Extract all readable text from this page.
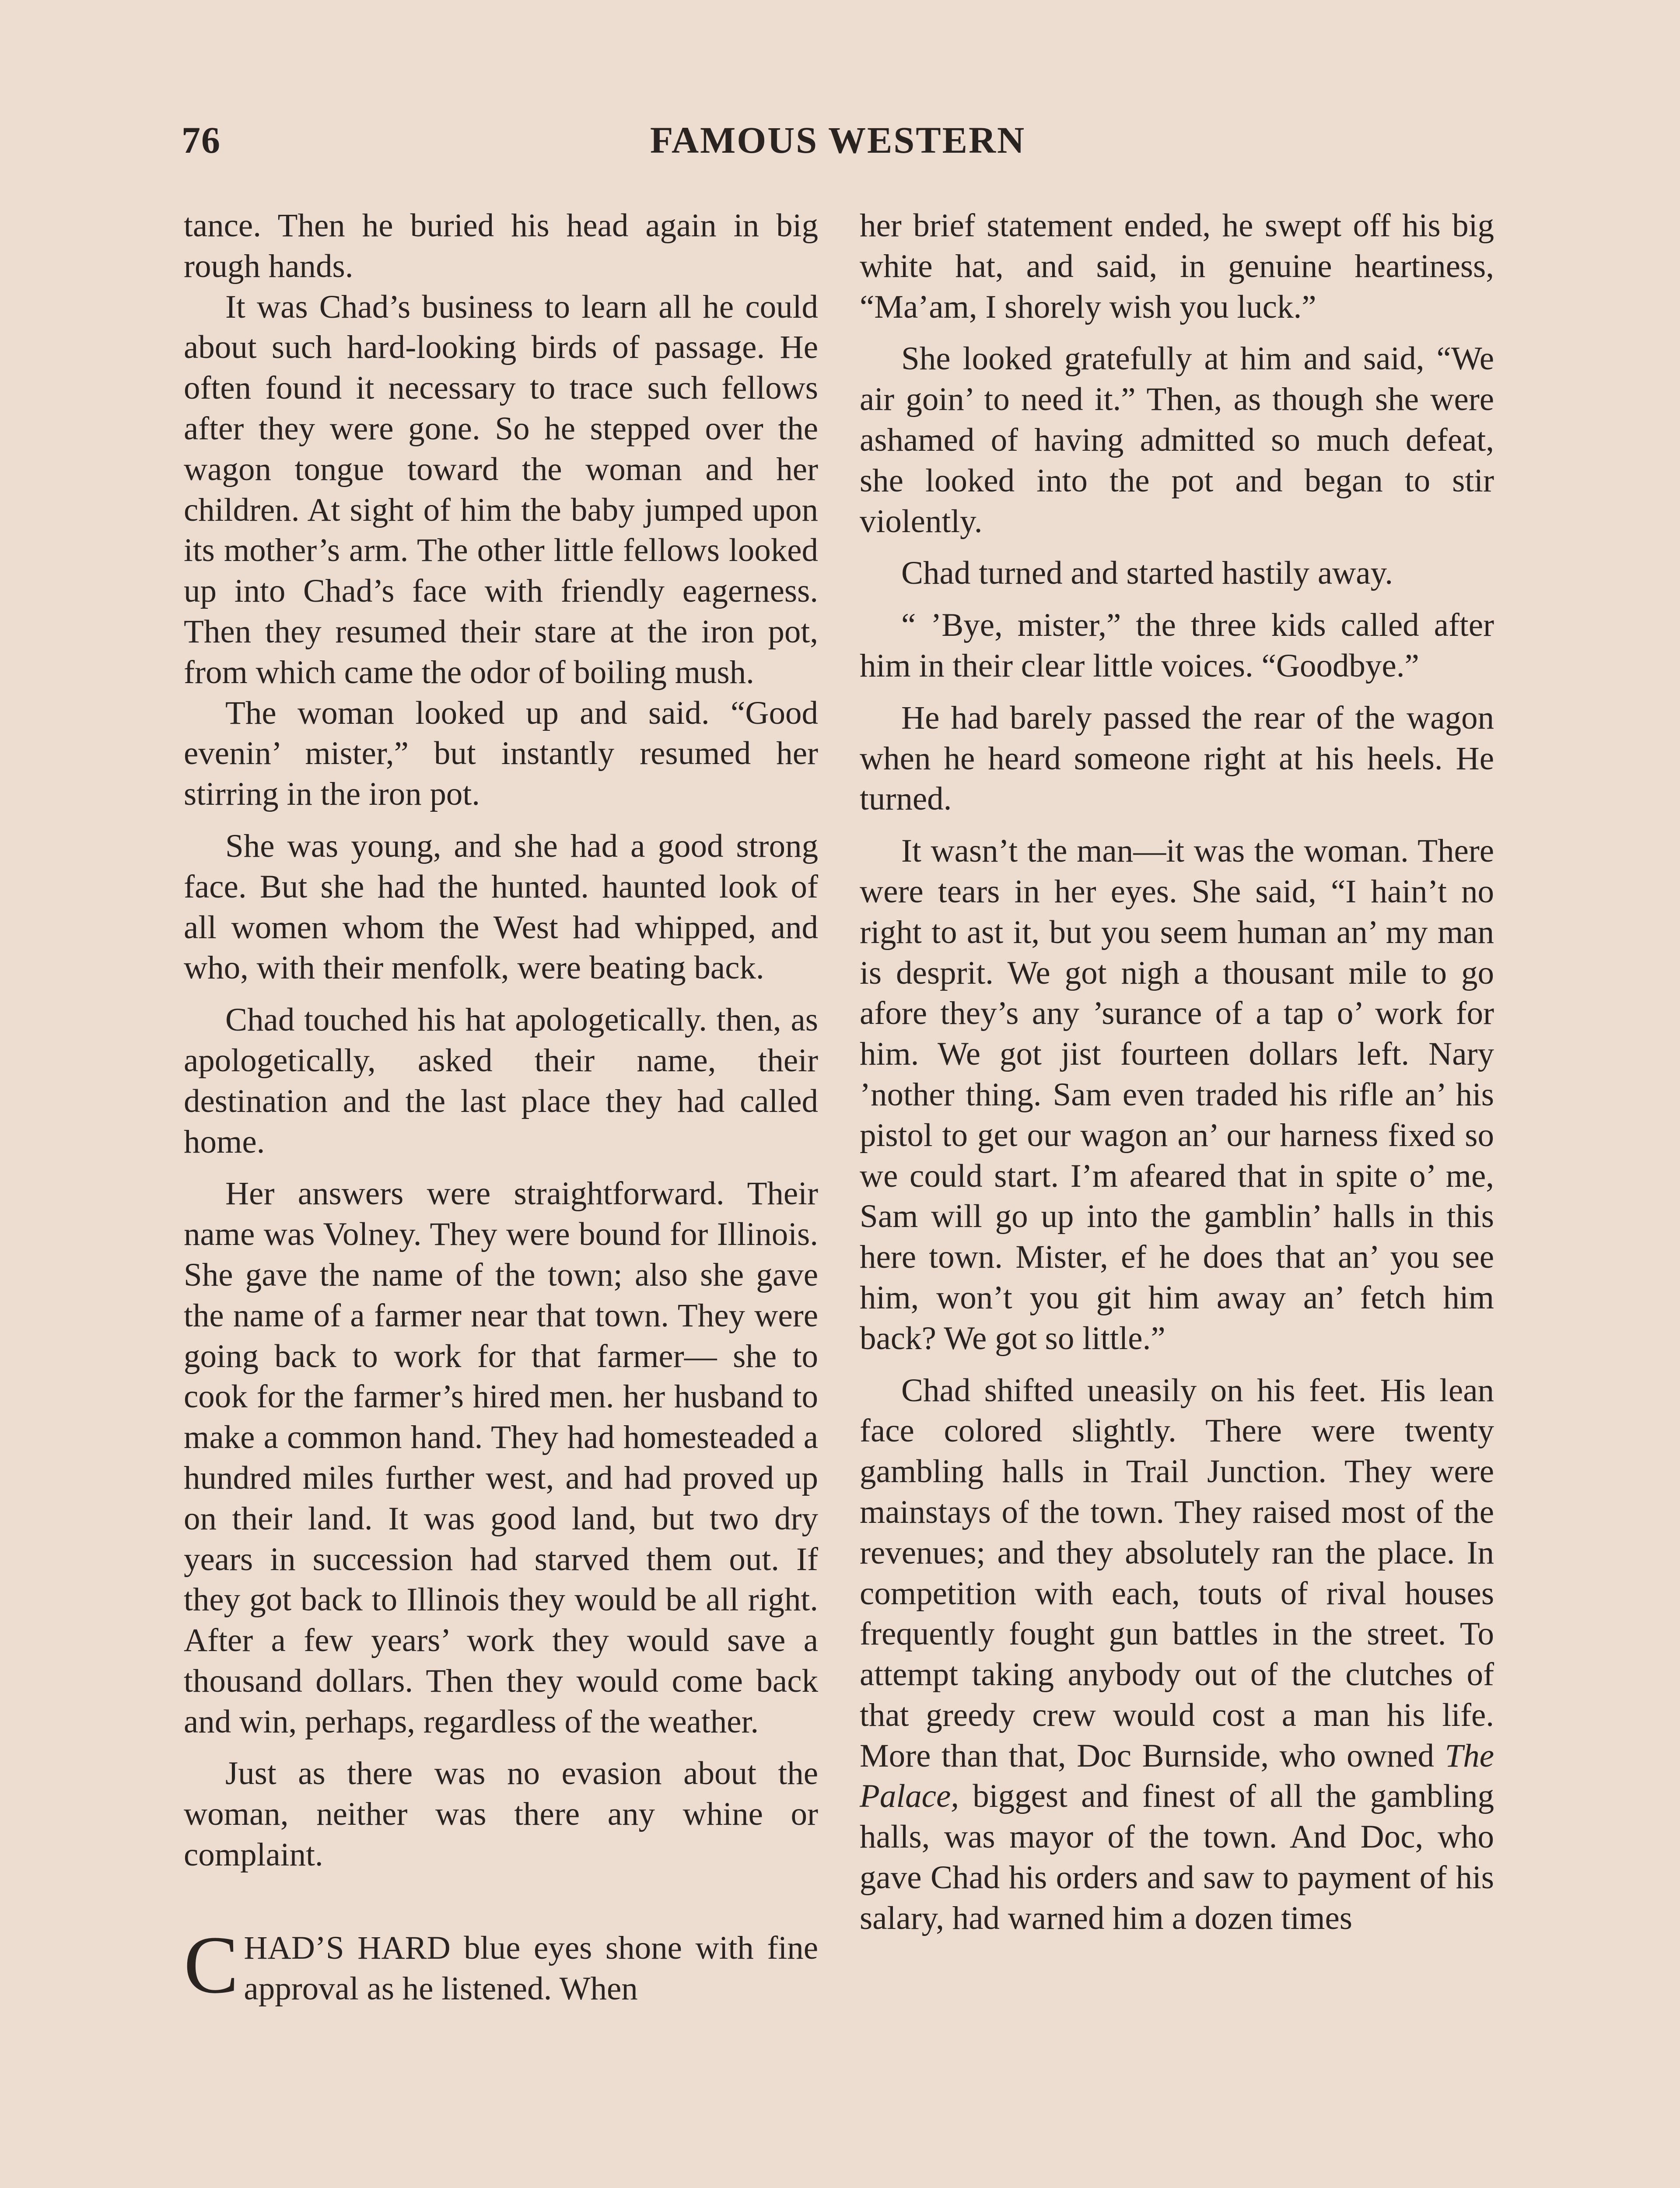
76	FAMOUS WESTERN

tance. Then he buried his head again in big rough hands.

It was Chad’s business to learn all he could about such hard-looking birds of passage. He often found it necessary to trace such fellows after they were gone. So he stepped over the wagon tongue toward the woman and her children. At sight of him the baby jumped upon its mother’s arm. The other little fellows looked up into Chad’s face with friendly eagerness. Then they resumed their stare at the iron pot, from which came the odor of boiling mush.

The woman looked up and said. “Good evenin’ mister,” but instantly resumed her stirring in the iron pot.

She was young, and she had a good strong face. But she had the hunted. haunted look of all women whom the West had whipped, and who, with their menfolk, were beating back.

Chad touched his hat apologetically. then, as apologetically, asked their name, their destination and the last place they had called home.

Her answers were straightforward. Their name was Volney. They were bound for Illinois. She gave the name of the town; also she gave the name of a farmer near that town. They were going back to work for that farmer— she to cook for the farmer’s hired men. her husband to make a common hand. They had homesteaded a hundred miles further west, and had proved up on their land. It was good land, but two dry years in succession had starved them out. If they got back to Illinois they would be all right. After a few years’ work they would save a thousand dollars. Then they would come back and win, perhaps, regardless of the weather.

Just as there was no evasion about the woman, neither was there any whine or complaint.

CHAD’S HARD blue eyes shone with fine approval as he listened. When

her brief statement ended, he swept off his big white hat, and said, in genuine heartiness, “Ma’am, I shorely wish you luck.”

She looked gratefully at him and said, “We air goin’ to need it.” Then, as though she were ashamed of having admitted so much defeat, she looked into the pot and began to stir violently.

Chad turned and started hastily away.

“ ’Bye, mister,” the three kids called after him in their clear little voices. “Goodbye.”

He had barely passed the rear of the wagon when he heard someone right at his heels. He turned.

It wasn’t the man—it was the woman. There were tears in her eyes. She said, “I hain’t no right to ast it, but you seem human an’ my man is desprit. We got nigh a thousant mile to go afore they’s any ’surance of a tap o’ work for him. We got jist fourteen dollars left. Nary ’nother thing. Sam even traded his rifle an’ his pistol to get our wagon an’ our harness fixed so we could start. I’m afeared that in spite o’ me, Sam will go up into the gamblin’ halls in this here town. Mister, ef he does that an’ you see him, won’t you git him away an’ fetch him back? We got so little.”

Chad shifted uneasily on his feet. His lean face colored slightly. There were twenty gambling halls in Trail Junction. They were mainstays of the town. They raised most of the revenues; and they absolutely ran the place. In competition with each, touts of rival houses frequently fought gun battles in the street. To attempt taking anybody out of the clutches of that greedy crew would cost a man his life. More than that, Doc Burnside, who owned The Palace, biggest and finest of all the gambling halls, was mayor of the town. And Doc, who gave Chad his orders and saw to payment of his salary, had warned him a dozen times
